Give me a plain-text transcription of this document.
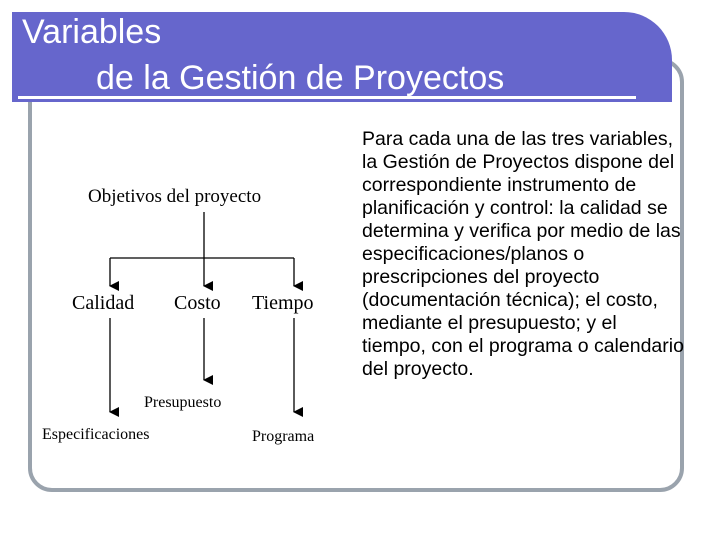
Variables
de la Gestión de Proyectos
Objetivos del proyecto
Calidad Costo Tiempo
Presupuesto
Especificaciones	Programa

Para cada una de las tres variables, la Gestión de Proyectos dispone del correspondiente instrumento de planificación y control: la calidad se determina y verifica por medio de las especificaciones/planos o prescripciones del proyecto (documentación técnica); el costo, mediante el presupuesto; y el tiempo, con el programa o calendario del proyecto.
